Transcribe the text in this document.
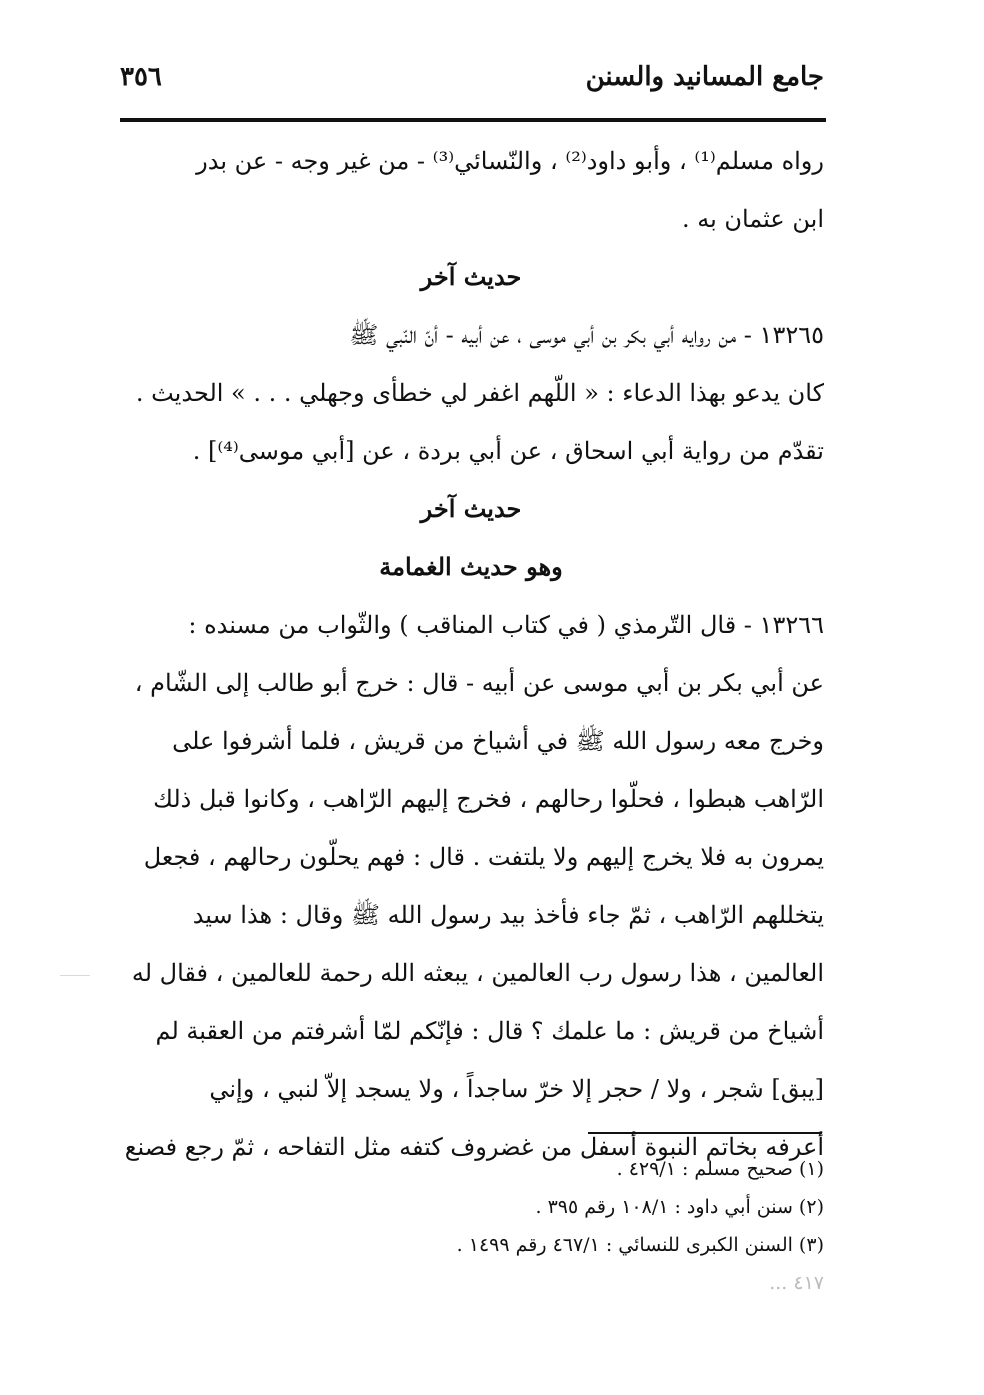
جامع المسانيد والسنن
٣٥٦
رواه مسلم⁽¹⁾ ، وأبو داود⁽²⁾ ، والنّسائي⁽³⁾ - من غير وجه - عن بدر
ابن عثمان به .
حديث آخر
١٣٢٦٥ - من روايه أبي بكر بن أبي موسى ، عن أبيه - أنّ النّبي ﷺ
كان يدعو بهذا الدعاء : « اللّهم اغفر لي خطأى وجهلي . . . » الحديث .
تقدّم من رواية أبي اسحاق ، عن أبي بردة ، عن [أبي موسى⁽⁴⁾] .
حديث آخر
وهو حديث الغمامة
١٣٢٦٦ - قال التّرمذي ( في كتاب المناقب ) والثّواب من مسنده :
عن أبي بكر بن أبي موسى عن أبيه - قال : خرج أبو طالب إلى الشّام ،
وخرج معه رسول الله ﷺ في أشياخ من قريش ، فلما أشرفوا على
الرّاهب هبطوا ، فحلّوا رحالهم ، فخرج إليهم الرّاهب ، وكانوا قبل ذلك
يمرون به فلا يخرج إليهم ولا يلتفت . قال : فهم يحلّون رحالهم ، فجعل
يتخللهم الرّاهب ، ثمّ جاء فأخذ بيد رسول الله ﷺ وقال : هذا سيد
العالمين ، هذا رسول رب العالمين ، يبعثه الله رحمة للعالمين ، فقال له
أشياخ من قريش : ما علمك ؟ قال : فإنّكم لمّا أشرفتم من العقبة لم
[يبق] شجر ، ولا / حجر إلا خرّ ساجداً ، ولا يسجد إلاّ لنبي ، وإني
أعرفه بخاتم النبوة أسفل من غضروف كتفه مثل التفاحه ، ثمّ رجع فصنع
(١) صحيح مسلم : ٤٢٩/١ .
(٢) سنن أبي داود : ١٠٨/١ رقم ٣٩٥ .
(٣) السنن الكبرى للنسائي : ٤٦٧/١ رقم ١٤٩٩ .
٤١٧ ...
